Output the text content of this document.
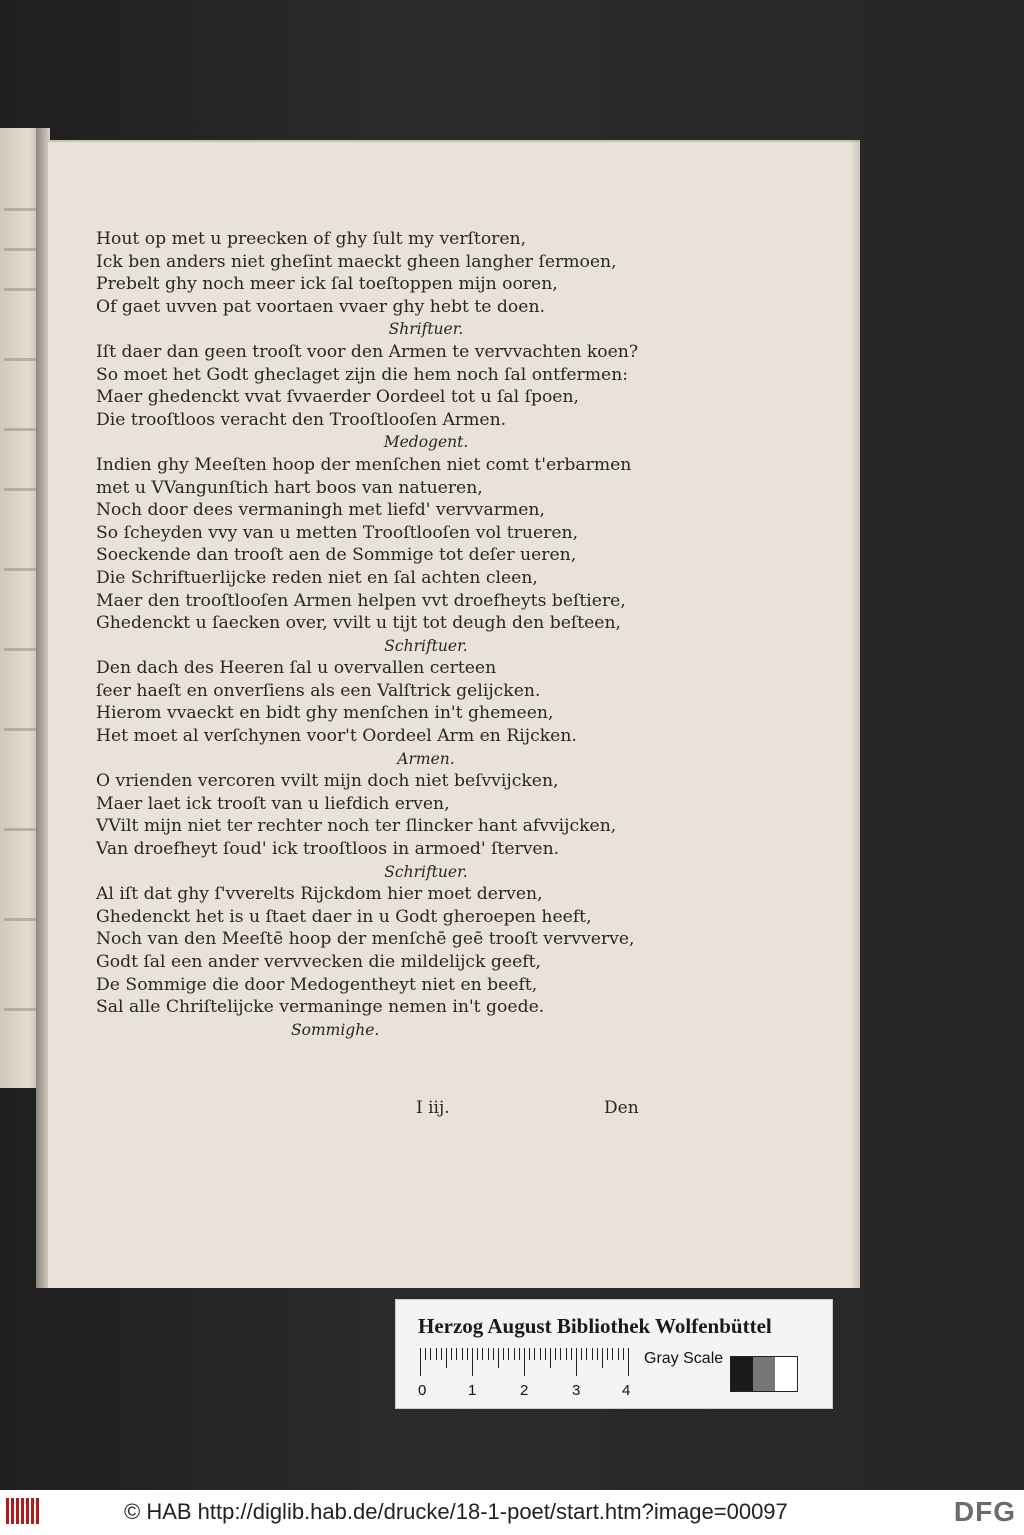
Hout op met u preecken of ghy ſult my verſtoren,
Ick ben anders niet gheſint maeckt gheen langher ſermoen,
Prebelt ghy noch meer ick ſal toeſtoppen mijn ooren,
Of gaet uvven pat voortaen vvaer ghy hebt te doen.
Shriftuer.
Iſt daer dan geen trooſt voor den Armen te vervvachten koen?
So moet het Godt gheclaget zijn die hem noch ſal ontfermen:
Maer ghedenckt vvat ſvvaerder Oordeel tot u ſal ſpoen,
Die trooſtloos veracht den Trooſtlooſen Armen.
Medogent.
Indien ghy Meeſten hoop der menſchen niet comt t'erbarmen
met u VVangunſtich hart boos van natueren,
Noch door dees vermaningh met liefd' vervvarmen,
So ſcheyden vvy van u metten Trooſtlooſen vol trueren,
Soeckende dan trooſt aen de Sommige tot deſer ueren,
Die Schriftuerlijcke reden niet en ſal achten cleen,
Maer den trooſtlooſen Armen helpen vvt droefheyts beſtiere,
Ghedenckt u ſaecken over, vvilt u tijt tot deugh den beſteen,
Schriftuer.
Den dach des Heeren ſal u overvallen certeen
ſeer haeſt en onverſiens als een Valſtrick gelijcken.
Hierom vvaeckt en bidt ghy menſchen in't ghemeen,
Het moet al verſchynen voor't Oordeel Arm en Rijcken.
Armen.
O vrienden vercoren vvilt mijn doch niet beſvvijcken,
Maer laet ick trooſt van u liefdich erven,
VVilt mijn niet ter rechter noch ter ſlincker hant afvvijcken,
Van droefheyt ſoud' ick trooſtloos in armoed' ſterven.
Schriftuer.
Al iſt dat ghy ſ'vverelts Rijckdom hier moet derven,
Ghedenckt het is u ſtaet daer in u Godt gheroepen heeft,
Noch van den Meeſtē hoop der menſchē geē trooſt vervverve,
Godt ſal een ander vervvecken die mildelijck geeft,
De Sommige die door Medogentheyt niet en beeft,
Sal alle Chriſtelijcke vermaninge nemen in't goede.
Sommighe.
I iij.	Den
Herzog August Bibliothek Wolfenbüttel
0	1	2	3	4
Gray Scale
© HAB http://diglib.hab.de/drucke/18-1-poet/start.htm?image=00097	DFG
